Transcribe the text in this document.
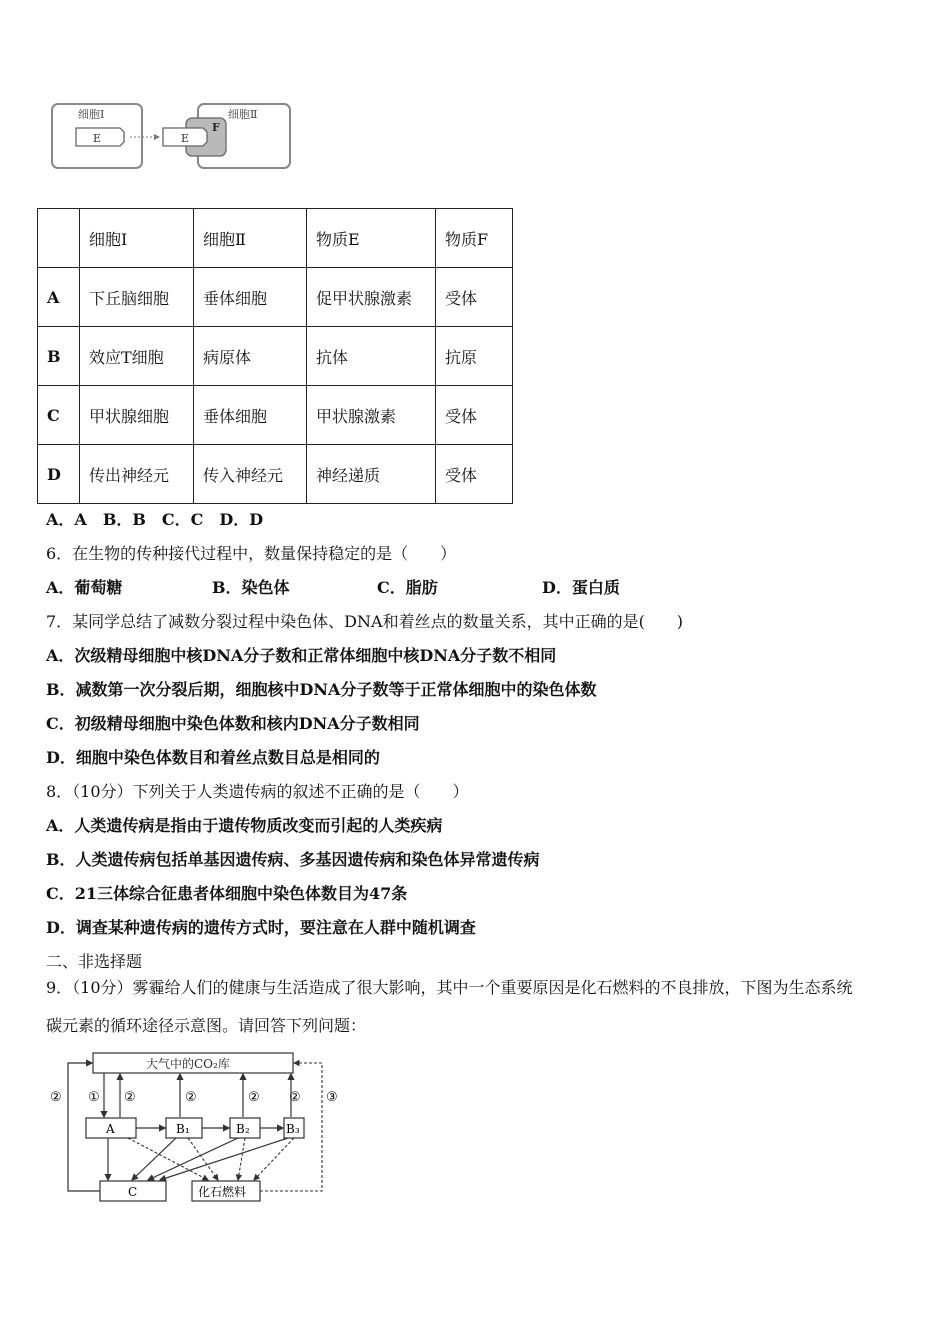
细胞Ⅰ
E
细胞Ⅱ
F
E
	细胞Ⅰ	细胞Ⅱ	物质E	物质F
A	下丘脑细胞	垂体细胞	促甲状腺激素	受体
B	效应T细胞	病原体	抗体	抗原
C	甲状腺细胞	垂体细胞	甲状腺激素	受体
D	传出神经元	传入神经元	神经递质	受体
A．A　B．B　C．C　D．D
6．在生物的传种接代过程中，数量保持稳定的是（　　）
A．葡萄糖	B．染色体	C．脂肪	D．蛋白质
7．某同学总结了减数分裂过程中染色体、DNA和着丝点的数量关系，其中正确的是(　　)
A．次级精母细胞中核DNA分子数和正常体细胞中核DNA分子数不相同
B．减数第一次分裂后期，细胞核中DNA分子数等于正常体细胞中的染色体数
C．初级精母细胞中染色体数和核内DNA分子数相同
D．细胞中染色体数目和着丝点数目总是相同的
8．（10分）下列关于人类遗传病的叙述不正确的是（　　）
A．人类遗传病是指由于遗传物质改变而引起的人类疾病
B．人类遗传病包括单基因遗传病、多基因遗传病和染色体异常遗传病
C．21三体综合征患者体细胞中染色体数目为47条
D．调查某种遗传病的遗传方式时，要注意在人群中随机调查
二、非选择题
9．（10分）雾霾给人们的健康与生活造成了很大影响，其中一个重要原因是化石燃料的不良排放，下图为生态系统
碳元素的循环途径示意图。请回答下列问题：
大气中的CO₂库
A	B₁	B₂	B₃
C	化石燃料
① ②	②	② ②
②	③
